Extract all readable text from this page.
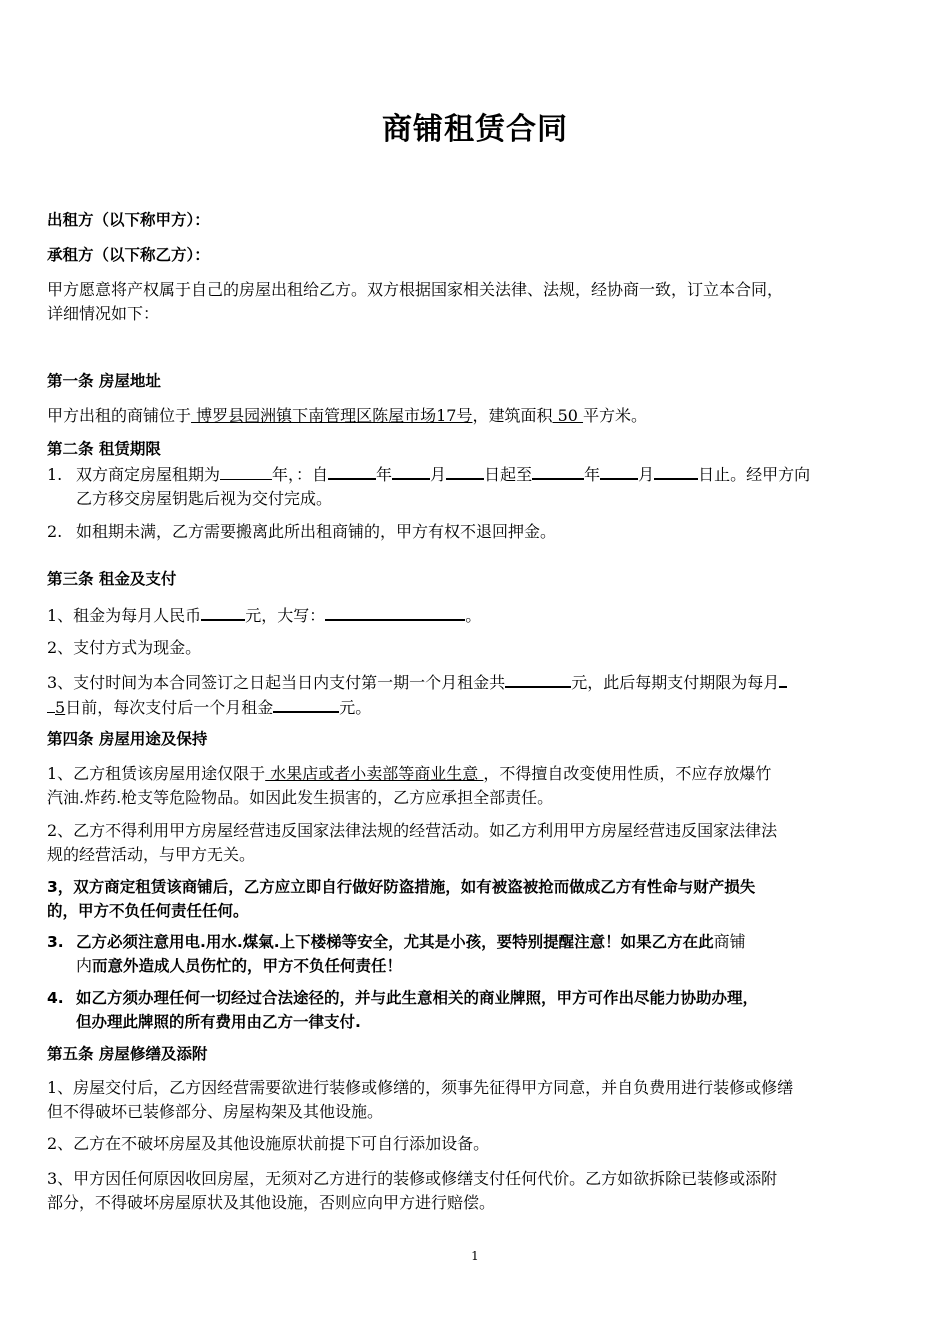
商铺租赁合同
出租方（以下称甲方）：
承租方（以下称乙方）：
甲方愿意将产权属于自己的房屋出租给乙方。双方根据国家相关法律、法规，经协商一致，订立本合同，
详细情况如下：
第一条 房屋地址
甲方出租的商铺位于 博罗县园洲镇下南管理区陈屋市场17号，建筑面积 50 平方米。
第二条 租赁期限
1. 双方商定房屋租期为	年，：自	年 月 日起至	年 月	日止。经甲方向
乙方移交房屋钥匙后视为交付完成。
2. 如租期未满，乙方需要搬离此所出租商铺的，甲方有权不退回押金。
第三条 租金及支付
1、租金为每月人民币	元，大写：	。
2、支付方式为现金。
3、支付时间为本合同签订之日起当日内支付第一期一个月租金共	元，此后每期支付期限为每月
5日前，每次支付后一个月租金	元。
第四条 房屋用途及保持
1、乙方租赁该房屋用途仅限于 水果店或者小卖部等商业生意 ，不得擅自改变使用性质，不应存放爆竹
汽油.炸药.枪支等危险物品。如因此发生损害的，乙方应承担全部责任。
2、乙方不得利用甲方房屋经营违反国家法律法规的经营活动。如乙方利用甲方房屋经营违反国家法律法
规的经营活动，与甲方无关。
3，双方商定租赁该商铺后，乙方应立即自行做好防盗措施，如有被盗被抢而做成乙方有性命与财产损失
的，甲方不负任何责任任何。
3. 乙方必须注意用电.用水.煤氣.上下楼梯等安全，尤其是小孩，要特别提醒注意！如果乙方在此商铺
内而意外造成人员伤忙的，甲方不负任何责任！
4. 如乙方须办理任何一切经过合法途径的，并与此生意相关的商业牌照，甲方可作出尽能力协助办理，
但办理此牌照的所有费用由乙方一律支付.
第五条 房屋修缮及添附
1、房屋交付后，乙方因经营需要欲进行装修或修缮的，须事先征得甲方同意，并自负费用进行装修或修缮
但不得破坏已装修部分、房屋构架及其他设施。
2、乙方在不破坏房屋及其他设施原状前提下可自行添加设备。
3、甲方因任何原因收回房屋，无须对乙方进行的装修或修缮支付任何代价。乙方如欲拆除已装修或添附
部分，不得破坏房屋原状及其他设施，否则应向甲方进行赔偿。
1
